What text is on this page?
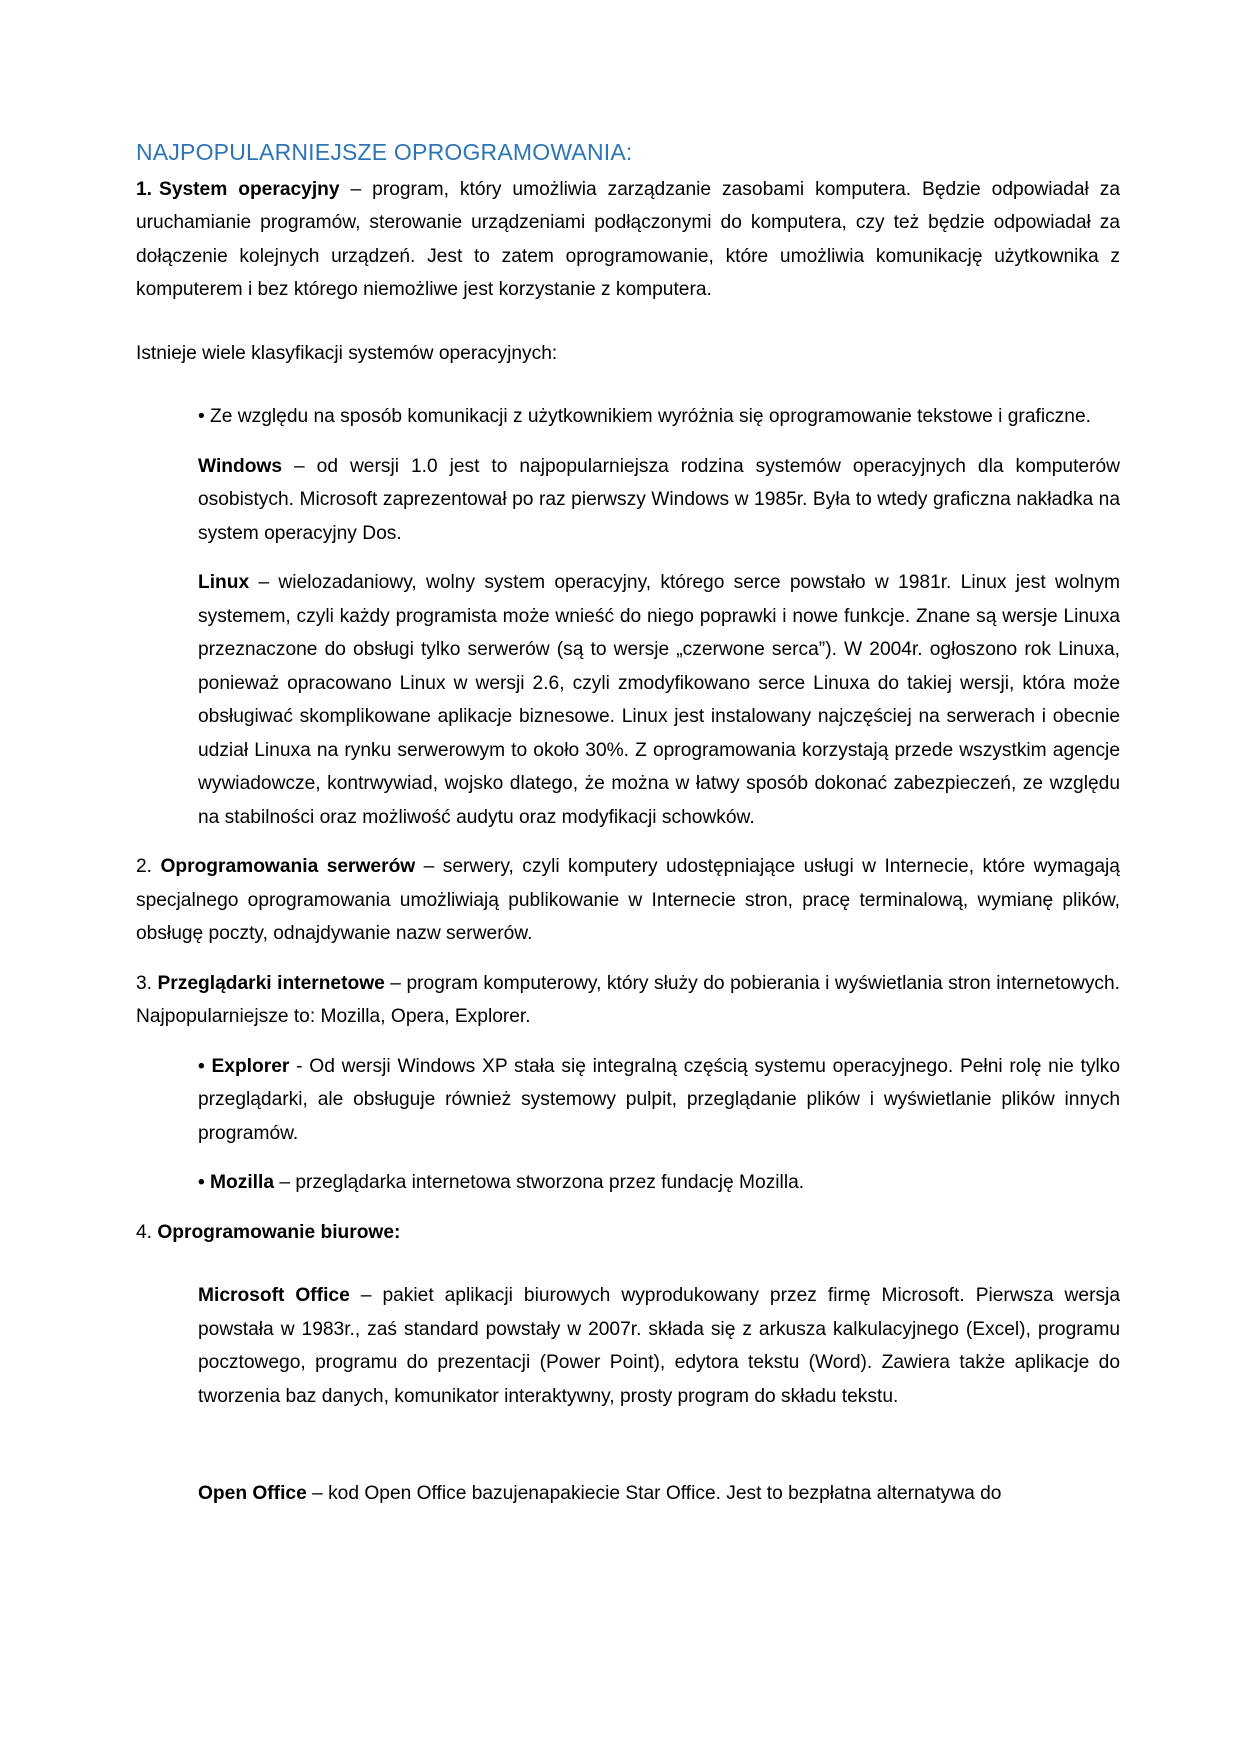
NAJPOPULARNIEJSZE OPROGRAMOWANIA:

1. System operacyjny – program, który umożliwia zarządzanie zasobami komputera. Będzie odpowiadał za uruchamianie programów, sterowanie urządzeniami podłączonymi do komputera, czy też będzie odpowiadał za dołączenie kolejnych urządzeń. Jest to zatem oprogramowanie, które umożliwia komunikację użytkownika z komputerem i bez którego niemożliwe jest korzystanie z komputera.

Istnieje wiele klasyfikacji systemów operacyjnych:

• Ze względu na sposób komunikacji z użytkownikiem wyróżnia się oprogramowanie tekstowe i graficzne.

Windows – od wersji 1.0 jest to najpopularniejsza rodzina systemów operacyjnych dla komputerów osobistych. Microsoft zaprezentował po raz pierwszy Windows w 1985r. Była to wtedy graficzna nakładka na system operacyjny Dos.

Linux – wielozadaniowy, wolny system operacyjny, którego serce powstało w 1981r. Linux jest wolnym systemem, czyli każdy programista może wnieść do niego poprawki i nowe funkcje. Znane są wersje Linuxa przeznaczone do obsługi tylko serwerów (są to wersje „czerwone serca”). W 2004r. ogłoszono rok Linuxa, ponieważ opracowano Linux w wersji 2.6, czyli zmodyfikowano serce Linuxa do takiej wersji, która może obsługiwać skomplikowane aplikacje biznesowe. Linux jest instalowany najczęściej na serwerach i obecnie udział Linuxa na rynku serwerowym to około 30%. Z oprogramowania korzystają przede wszystkim agencje wywiadowcze, kontrwywiad, wojsko dlatego, że można w łatwy sposób dokonać zabezpieczeń, ze względu na stabilności oraz możliwość audytu oraz modyfikacji schowków.

2. Oprogramowania serwerów – serwery, czyli komputery udostępniające usługi w Internecie, które wymagają specjalnego oprogramowania umożliwiają publikowanie w Internecie stron, pracę terminalową, wymianę plików, obsługę poczty, odnajdywanie nazw serwerów.

3. Przeglądarki internetowe – program komputerowy, który służy do pobierania i wyświetlania stron internetowych. Najpopularniejsze to: Mozilla, Opera, Explorer.

• Explorer - Od wersji Windows XP stała się integralną częścią systemu operacyjnego. Pełni rolę nie tylko przeglądarki, ale obsługuje również systemowy pulpit, przeglądanie plików i wyświetlanie plików innych programów.

• Mozilla – przeglądarka internetowa stworzona przez fundację Mozilla.

4. Oprogramowanie biurowe:

Microsoft Office – pakiet aplikacji biurowych wyprodukowany przez firmę Microsoft. Pierwsza wersja powstała w 1983r., zaś standard powstały w 2007r. składa się z arkusza kalkulacyjnego (Excel), programu pocztowego, programu do prezentacji (Power Point), edytora tekstu (Word). Zawiera także aplikacje do tworzenia baz danych, komunikator interaktywny, prosty program do składu tekstu.

Open Office – kod Open Office bazujenapakiecie Star Office. Jest to bezpłatna alternatywa do
